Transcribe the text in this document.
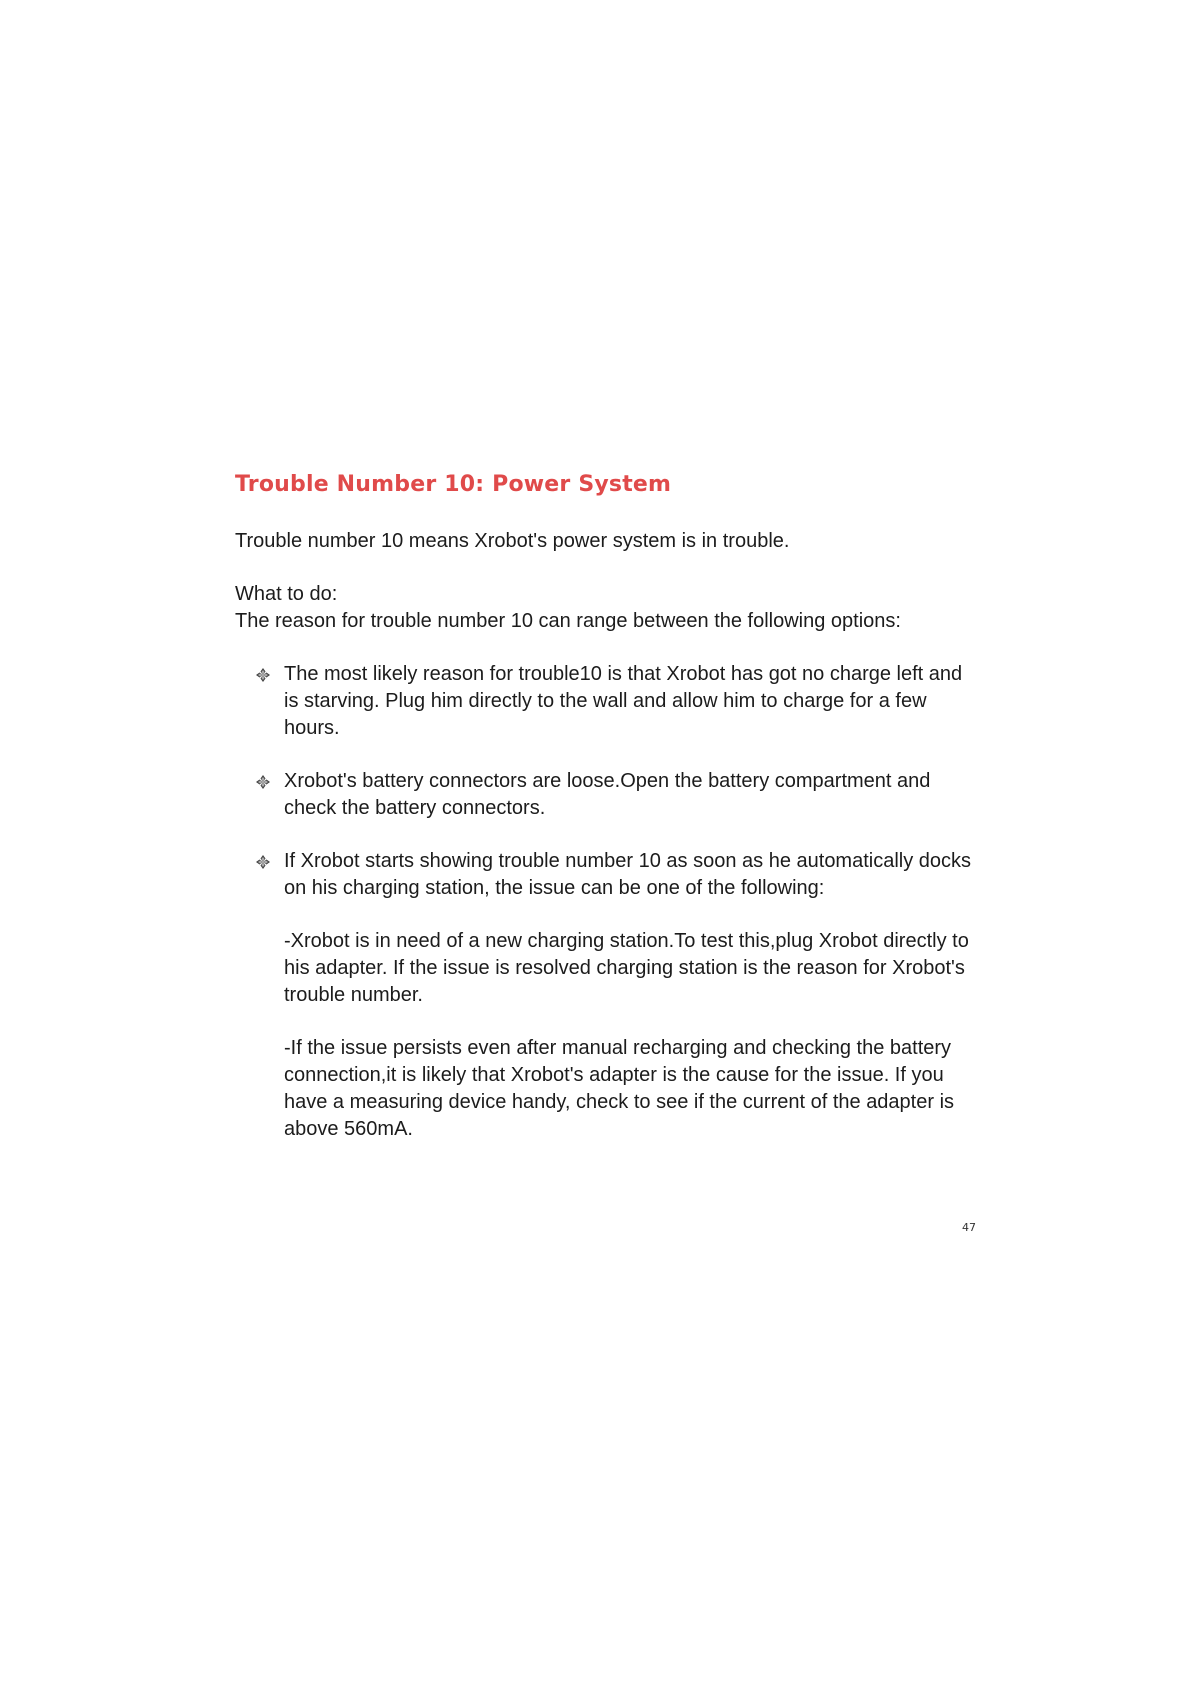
Trouble Number 10: Power System

Trouble number 10 means Xrobot's power system is in trouble.

What to do:

The reason for trouble number 10 can range between the following options:

The most likely reason for trouble10 is that Xrobot has got no charge left and is starving. Plug him directly to the wall and allow him to charge for a few hours.
Xrobot's battery connectors are loose.Open the battery compartment and check the battery connectors.
If Xrobot starts showing trouble number 10 as soon as he automatically docks on his charging station, the issue can be one of the following:

-Xrobot is in need of a new charging station.To test this,plug Xrobot directly to his adapter. If the issue is resolved charging station is the reason for Xrobot's trouble number.

-If the issue persists even after manual recharging and checking the battery connection,it is likely that Xrobot's adapter is the cause for the issue. If you have a measuring device handy, check to see if the current of the adapter is above 560mA.

47
